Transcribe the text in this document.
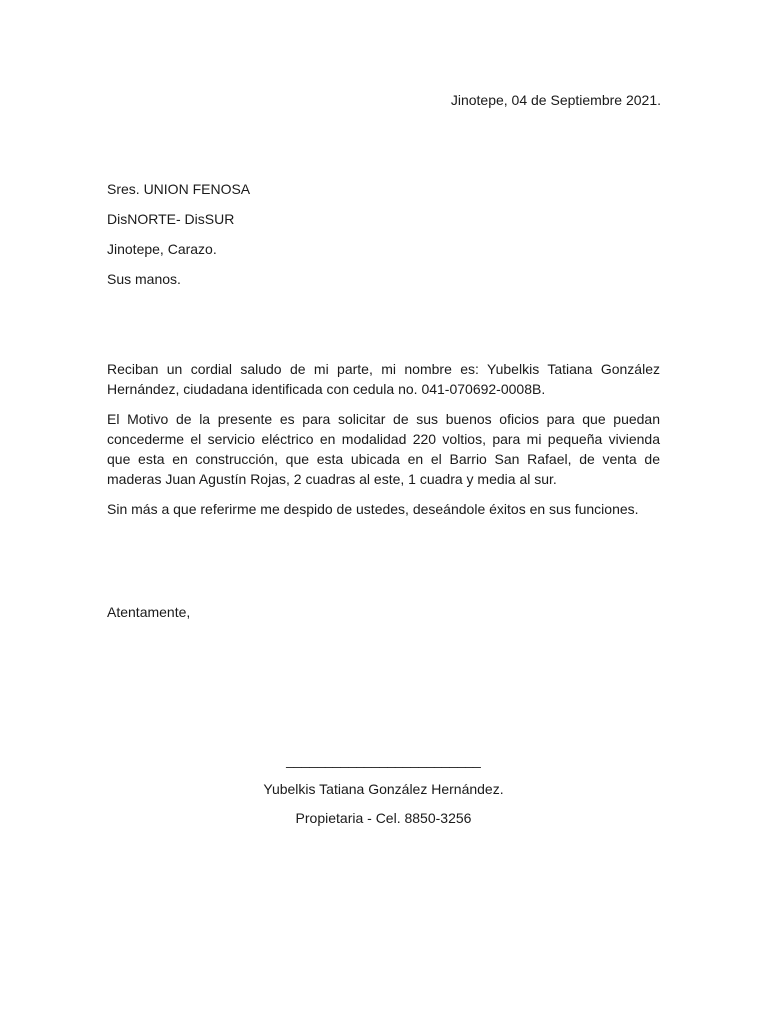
Jinotepe, 04 de Septiembre 2021.
Sres. UNION FENOSA
DisNORTE- DisSUR
Jinotepe, Carazo.
Sus manos.

Reciban un cordial saludo de mi parte, mi nombre es: Yubelkis Tatiana González Hernández, ciudadana identificada con cedula no. 041-070692-0008B.

El Motivo de la presente es para solicitar de sus buenos oficios para que puedan concederme el servicio eléctrico en modalidad 220 voltios, para mi pequeña vivienda que esta en construcción, que esta ubicada en el Barrio San Rafael, de venta de maderas Juan Agustín Rojas, 2 cuadras al este, 1 cuadra y media al sur.

Sin más a que referirme me despido de ustedes, deseándole éxitos en sus funciones.

Atentamente,
_________________________
Yubelkis Tatiana González Hernández.
Propietaria - Cel. 8850-3256
